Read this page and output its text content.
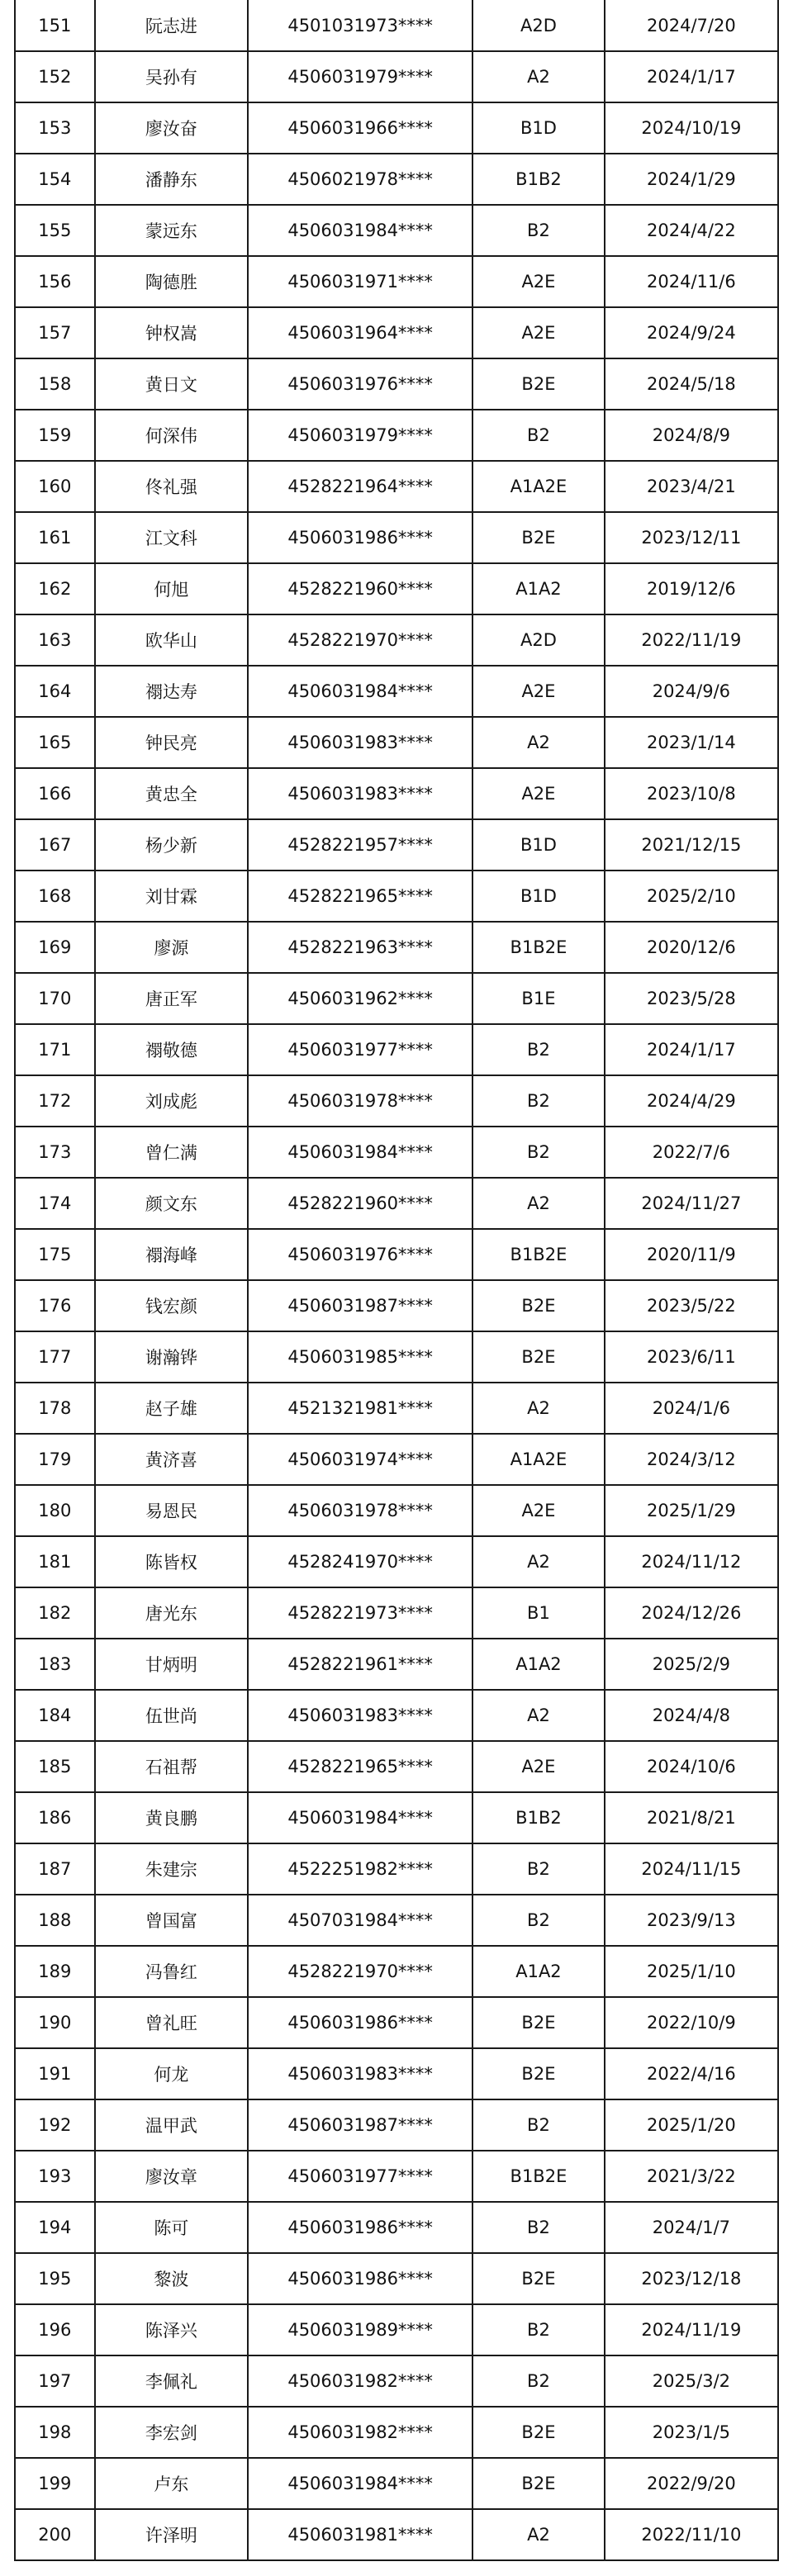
151	阮志进	4501031973****	A2D	2024/7/20
152	吴孙有	4506031979****	A2	2024/1/17
153	廖汝奋	4506031966****	B1D	2024/10/19
154	潘静东	4506021978****	B1B2	2024/1/29
155	蒙远东	4506031984****	B2	2024/4/22
156	陶德胜	4506031971****	A2E	2024/11/6
157	钟权嵩	4506031964****	A2E	2024/9/24
158	黄日文	4506031976****	B2E	2024/5/18
159	何深伟	4506031979****	B2	2024/8/9
160	佟礼强	4528221964****	A1A2E	2023/4/21
161	江文科	4506031986****	B2E	2023/12/11
162	何旭	4528221960****	A1A2	2019/12/6
163	欧华山	4528221970****	A2D	2022/11/19
164	禤达寿	4506031984****	A2E	2024/9/6
165	钟民亮	4506031983****	A2	2023/1/14
166	黄忠全	4506031983****	A2E	2023/10/8
167	杨少新	4528221957****	B1D	2021/12/15
168	刘甘霖	4528221965****	B1D	2025/2/10
169	廖源	4528221963****	B1B2E	2020/12/6
170	唐正军	4506031962****	B1E	2023/5/28
171	禤敬德	4506031977****	B2	2024/1/17
172	刘成彪	4506031978****	B2	2024/4/29
173	曾仁满	4506031984****	B2	2022/7/6
174	颜文东	4528221960****	A2	2024/11/27
175	禤海峰	4506031976****	B1B2E	2020/11/9
176	钱宏颜	4506031987****	B2E	2023/5/22
177	谢瀚铧	4506031985****	B2E	2023/6/11
178	赵子雄	4521321981****	A2	2024/1/6
179	黄济喜	4506031974****	A1A2E	2024/3/12
180	易恩民	4506031978****	A2E	2025/1/29
181	陈皆权	4528241970****	A2	2024/11/12
182	唐光东	4528221973****	B1	2024/12/26
183	甘炳明	4528221961****	A1A2	2025/2/9
184	伍世尚	4506031983****	A2	2024/4/8
185	石祖帮	4528221965****	A2E	2024/10/6
186	黄良鹏	4506031984****	B1B2	2021/8/21
187	朱建宗	4522251982****	B2	2024/11/15
188	曾国富	4507031984****	B2	2023/9/13
189	冯鲁红	4528221970****	A1A2	2025/1/10
190	曾礼旺	4506031986****	B2E	2022/10/9
191	何龙	4506031983****	B2E	2022/4/16
192	温甲武	4506031987****	B2	2025/1/20
193	廖汝章	4506031977****	B1B2E	2021/3/22
194	陈可	4506031986****	B2	2024/1/7
195	黎波	4506031986****	B2E	2023/12/18
196	陈泽兴	4506031989****	B2	2024/11/19
197	李佩礼	4506031982****	B2	2025/3/2
198	李宏剑	4506031982****	B2E	2023/1/5
199	卢东	4506031984****	B2E	2022/9/20
200	许泽明	4506031981****	A2	2022/11/10
